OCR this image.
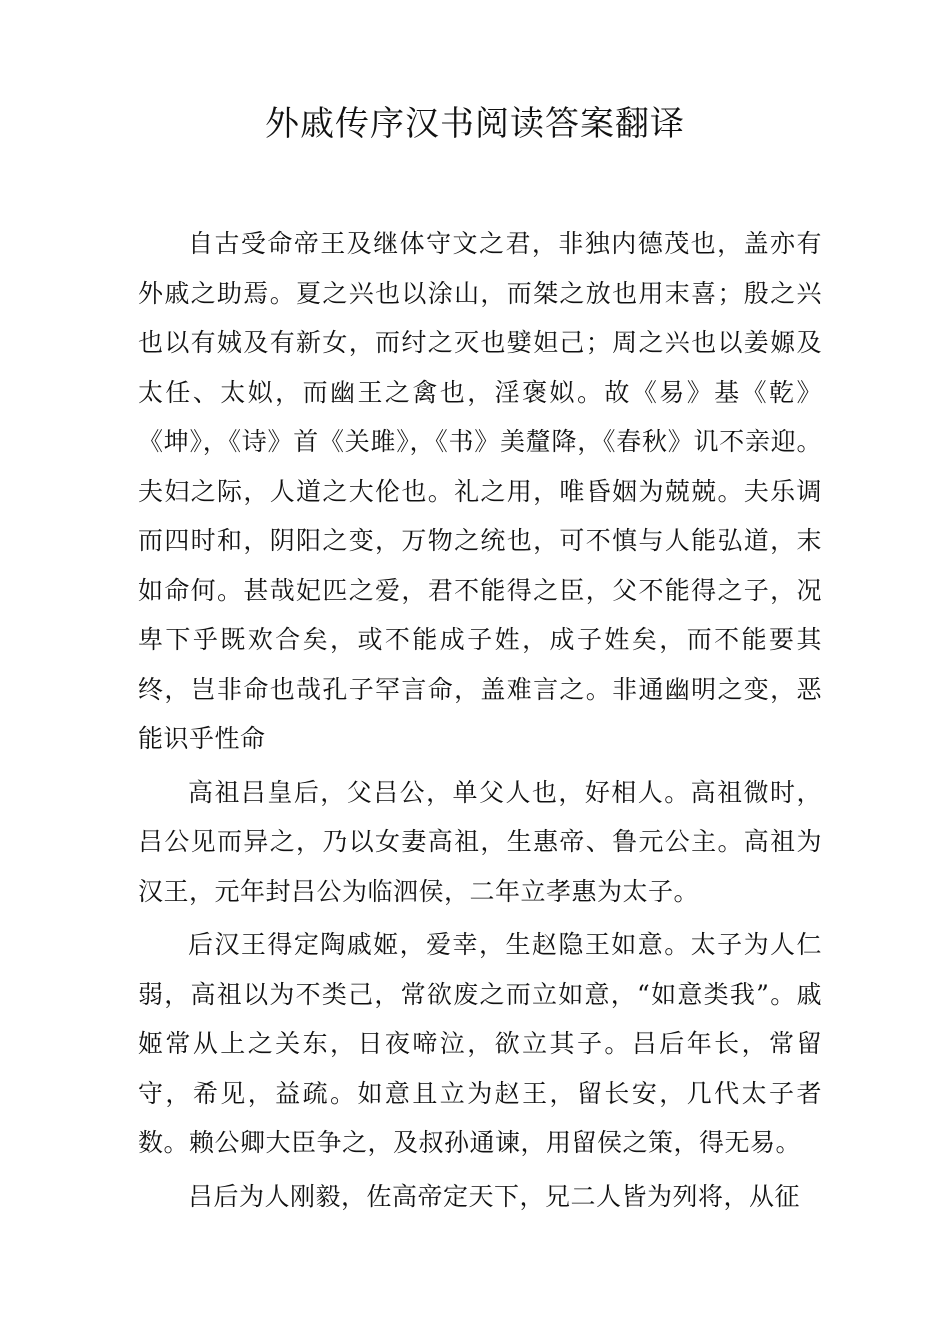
外戚传序汉书阅读答案翻译

自古受命帝王及继体守文之君，非独内德茂也，盖亦有外戚之助焉。夏之兴也以涂山，而桀之放也用末喜；殷之兴也以有娀及有新女，而纣之灭也嬖妲己；周之兴也以姜嫄及太任、太姒，而幽王之禽也，淫褒姒。故《易》基《乾》《坤》，《诗》首《关雎》，《书》美釐降，《春秋》讥不亲迎。夫妇之际，人道之大伦也。礼之用，唯昏姻为兢兢。夫乐调而四时和，阴阳之变，万物之统也，可不慎与人能弘道，末如命何。甚哉妃匹之爱，君不能得之臣，父不能得之子，况卑下乎既欢合矣，或不能成子姓，成子姓矣，而不能要其终，岂非命也哉孔子罕言命，盖难言之。非通幽明之变，恶能识乎性命

高祖吕皇后，父吕公，单父人也，好相人。高祖微时，吕公见而异之，乃以女妻高祖，生惠帝、鲁元公主。高祖为汉王，元年封吕公为临泗侯，二年立孝惠为太子。

后汉王得定陶戚姬，爱幸，生赵隐王如意。太子为人仁弱，高祖以为不类己，常欲废之而立如意，“如意类我”。戚姬常从上之关东，日夜啼泣，欲立其子。吕后年长，常留守，希见，益疏。如意且立为赵王，留长安，几代太子者数。赖公卿大臣争之，及叔孙通谏，用留侯之策，得无易。

吕后为人刚毅，佐高帝定天下，兄二人皆为列将，从征
